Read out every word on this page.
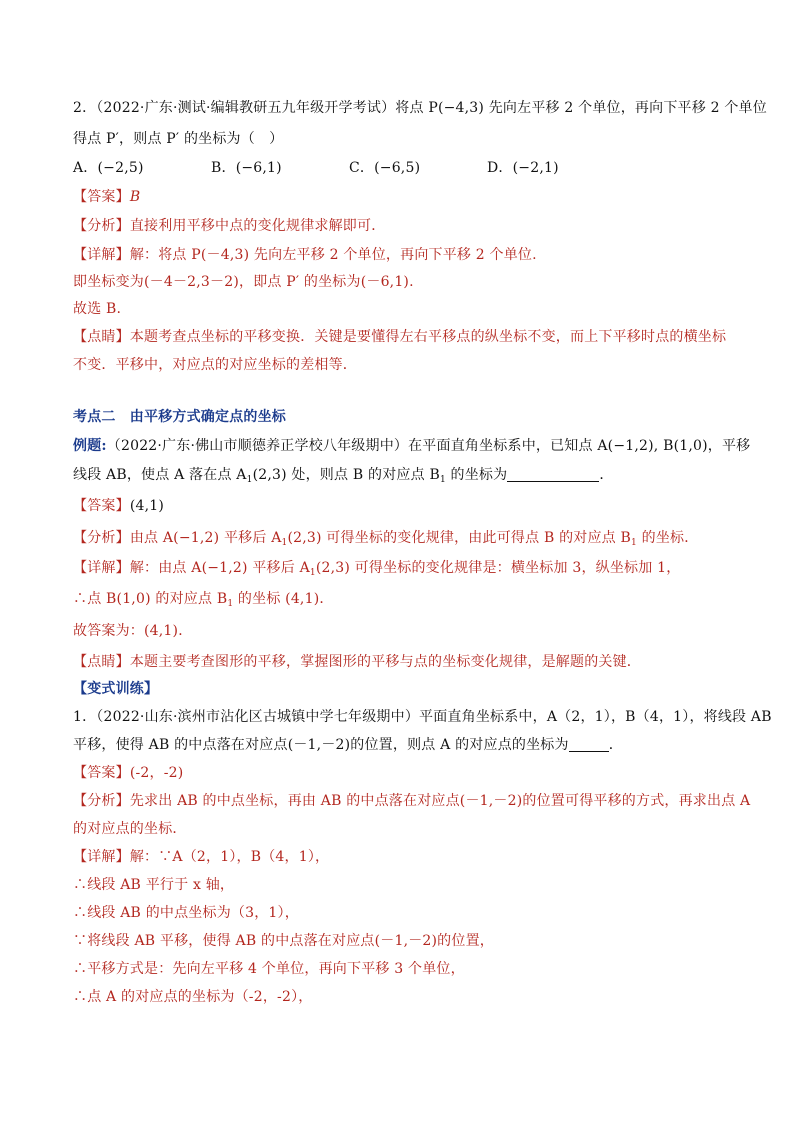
2．（2022·广东·测试·编辑教研五九年级开学考试）将点 P(−4,3) 先向左平移 2 个单位，再向下平移 2 个单位
得点 P′，则点 P′ 的坐标为（　）
A．(−2,5)	B．(−6,1)	C．(−6,5)	D．(−2,1)
【答案】B
【分析】直接利用平移中点的变化规律求解即可．
【详解】解：将点 P(－4,3) 先向左平移 2 个单位，再向下平移 2 个单位.
即坐标变为(－4－2,3－2)，即点 P′ 的坐标为(－6,1).
故选 B.
【点睛】本题考查点坐标的平移变换．关键是要懂得左右平移点的纵坐标不变，而上下平移时点的横坐标
不变．平移中，对应点的对应坐标的差相等．
考点二　由平移方式确定点的坐标
例题:（2022·广东·佛山市顺德养正学校八年级期中）在平面直角坐标系中，已知点 A(−1,2), B(1,0)，平移
线段 AB，使点 A 落在点 $A_1(2,3)$ 处，则点 B 的对应点 $B_1$ 的坐标为	．
【答案】(4,1)
【分析】由点 A(−1,2) 平移后 $A_1(2,3)$ 可得坐标的变化规律，由此可得点 B 的对应点 $B_1$ 的坐标．
【详解】解：由点 A(−1,2) 平移后 $A_1(2,3)$ 可得坐标的变化规律是：横坐标加 3，纵坐标加 1，
∴点 B(1,0) 的对应点 $B_1$ 的坐标 (4,1)．
故答案为：(4,1)．
【点睛】本题主要考查图形的平移，掌握图形的平移与点的坐标变化规律，是解题的关键．
【变式训练】
1．（2022·山东·滨州市沾化区古城镇中学七年级期中）平面直角坐标系中，A（2，1），B（4，1），将线段 AB
平移，使得 AB 的中点落在对应点(－1,－2)的位置，则点 A 的对应点的坐标为	．
【答案】(-2，-2)
【分析】先求出 AB 的中点坐标，再由 AB 的中点落在对应点(－1,－2)的位置可得平移的方式，再求出点 A
的对应点的坐标．
【详解】解：∵A（2，1），B（4，1），
∴线段 AB 平行于 x 轴，
∴线段 AB 的中点坐标为（3，1），
∵将线段 AB 平移，使得 AB 的中点落在对应点(－1,－2)的位置，
∴平移方式是：先向左平移 4 个单位，再向下平移 3 个单位，
∴点 A 的对应点的坐标为（-2，-2），
